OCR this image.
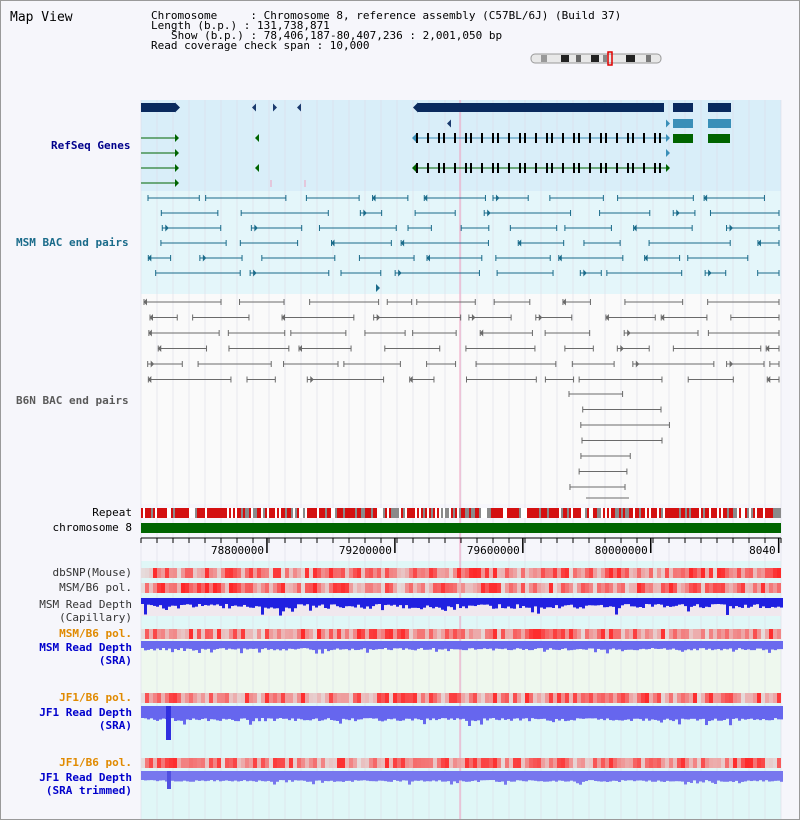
Map View	Chromosome     : Chromosome 8, reference assembly (C57BL/6J) (Build 37)
Length (b.p.) : 131,738,871
Show (b.p.) : 78,406,187-80,407,236 : 2,001,050 bp
Read coverage check span : 10,000
78800000	79200000	79600000	80000000	8040
RefSeq Genes
MSM BAC end pairs
B6N BAC end pairs
Repeat
chromosome 8
dbSNP(Mouse)
MSM/B6 pol.
MSM Read Depth
(Capillary)
MSM/B6 pol.
MSM Read Depth
(SRA)
JF1/B6 pol.
JF1 Read Depth
(SRA)
JF1/B6 pol.
JF1 Read Depth
(SRA trimmed)
